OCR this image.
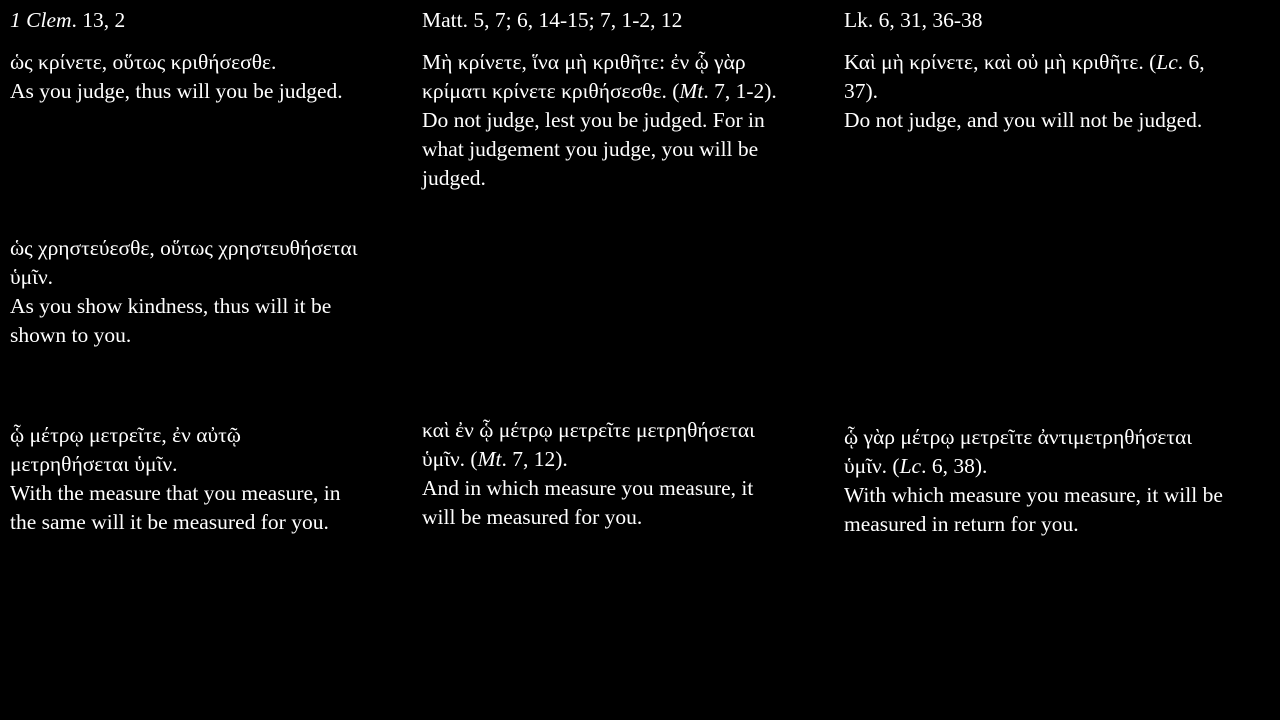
1 Clem. 13, 2	Matt. 5, 7; 6, 14-15; 7, 1-2, 12	Lk. 6, 31, 36-38
ὡς κρίνετε, οὕτως κριθήσεσθε.
As you judge, thus will you be judged.
Μὴ κρίνετε, ἵνα μὴ κριθῆτε: ἐν ᾧ γὰρ
κρίματι κρίνετε κριθήσεσθε. (Mt. 7, 1-2).
Do not judge, lest you be judged. For in
what judgement you judge, you will be
judged.
Καὶ μὴ κρίνετε, καὶ οὐ μὴ κριθῆτε. (Lc. 6,
37).
Do not judge, and you will not be judged.
ὡς χρηστεύεσθε, οὕτως χρηστευθήσεται
ὑμῖν.
As you show kindness, thus will it be
shown to you.
ᾧ μέτρῳ μετρεῖτε, ἐν αὐτῷ
μετρηθήσεται ὑμῖν.
With the measure that you measure, in
the same will it be measured for you.
καὶ ἐν ᾧ μέτρῳ μετρεῖτε μετρηθήσεται
ὑμῖν. (Mt. 7, 12).
And in which measure you measure, it
will be measured for you.
ᾧ γὰρ μέτρῳ μετρεῖτε ἀντιμετρηθήσεται
ὑμῖν. (Lc. 6, 38).
With which measure you measure, it will be
measured in return for you.
